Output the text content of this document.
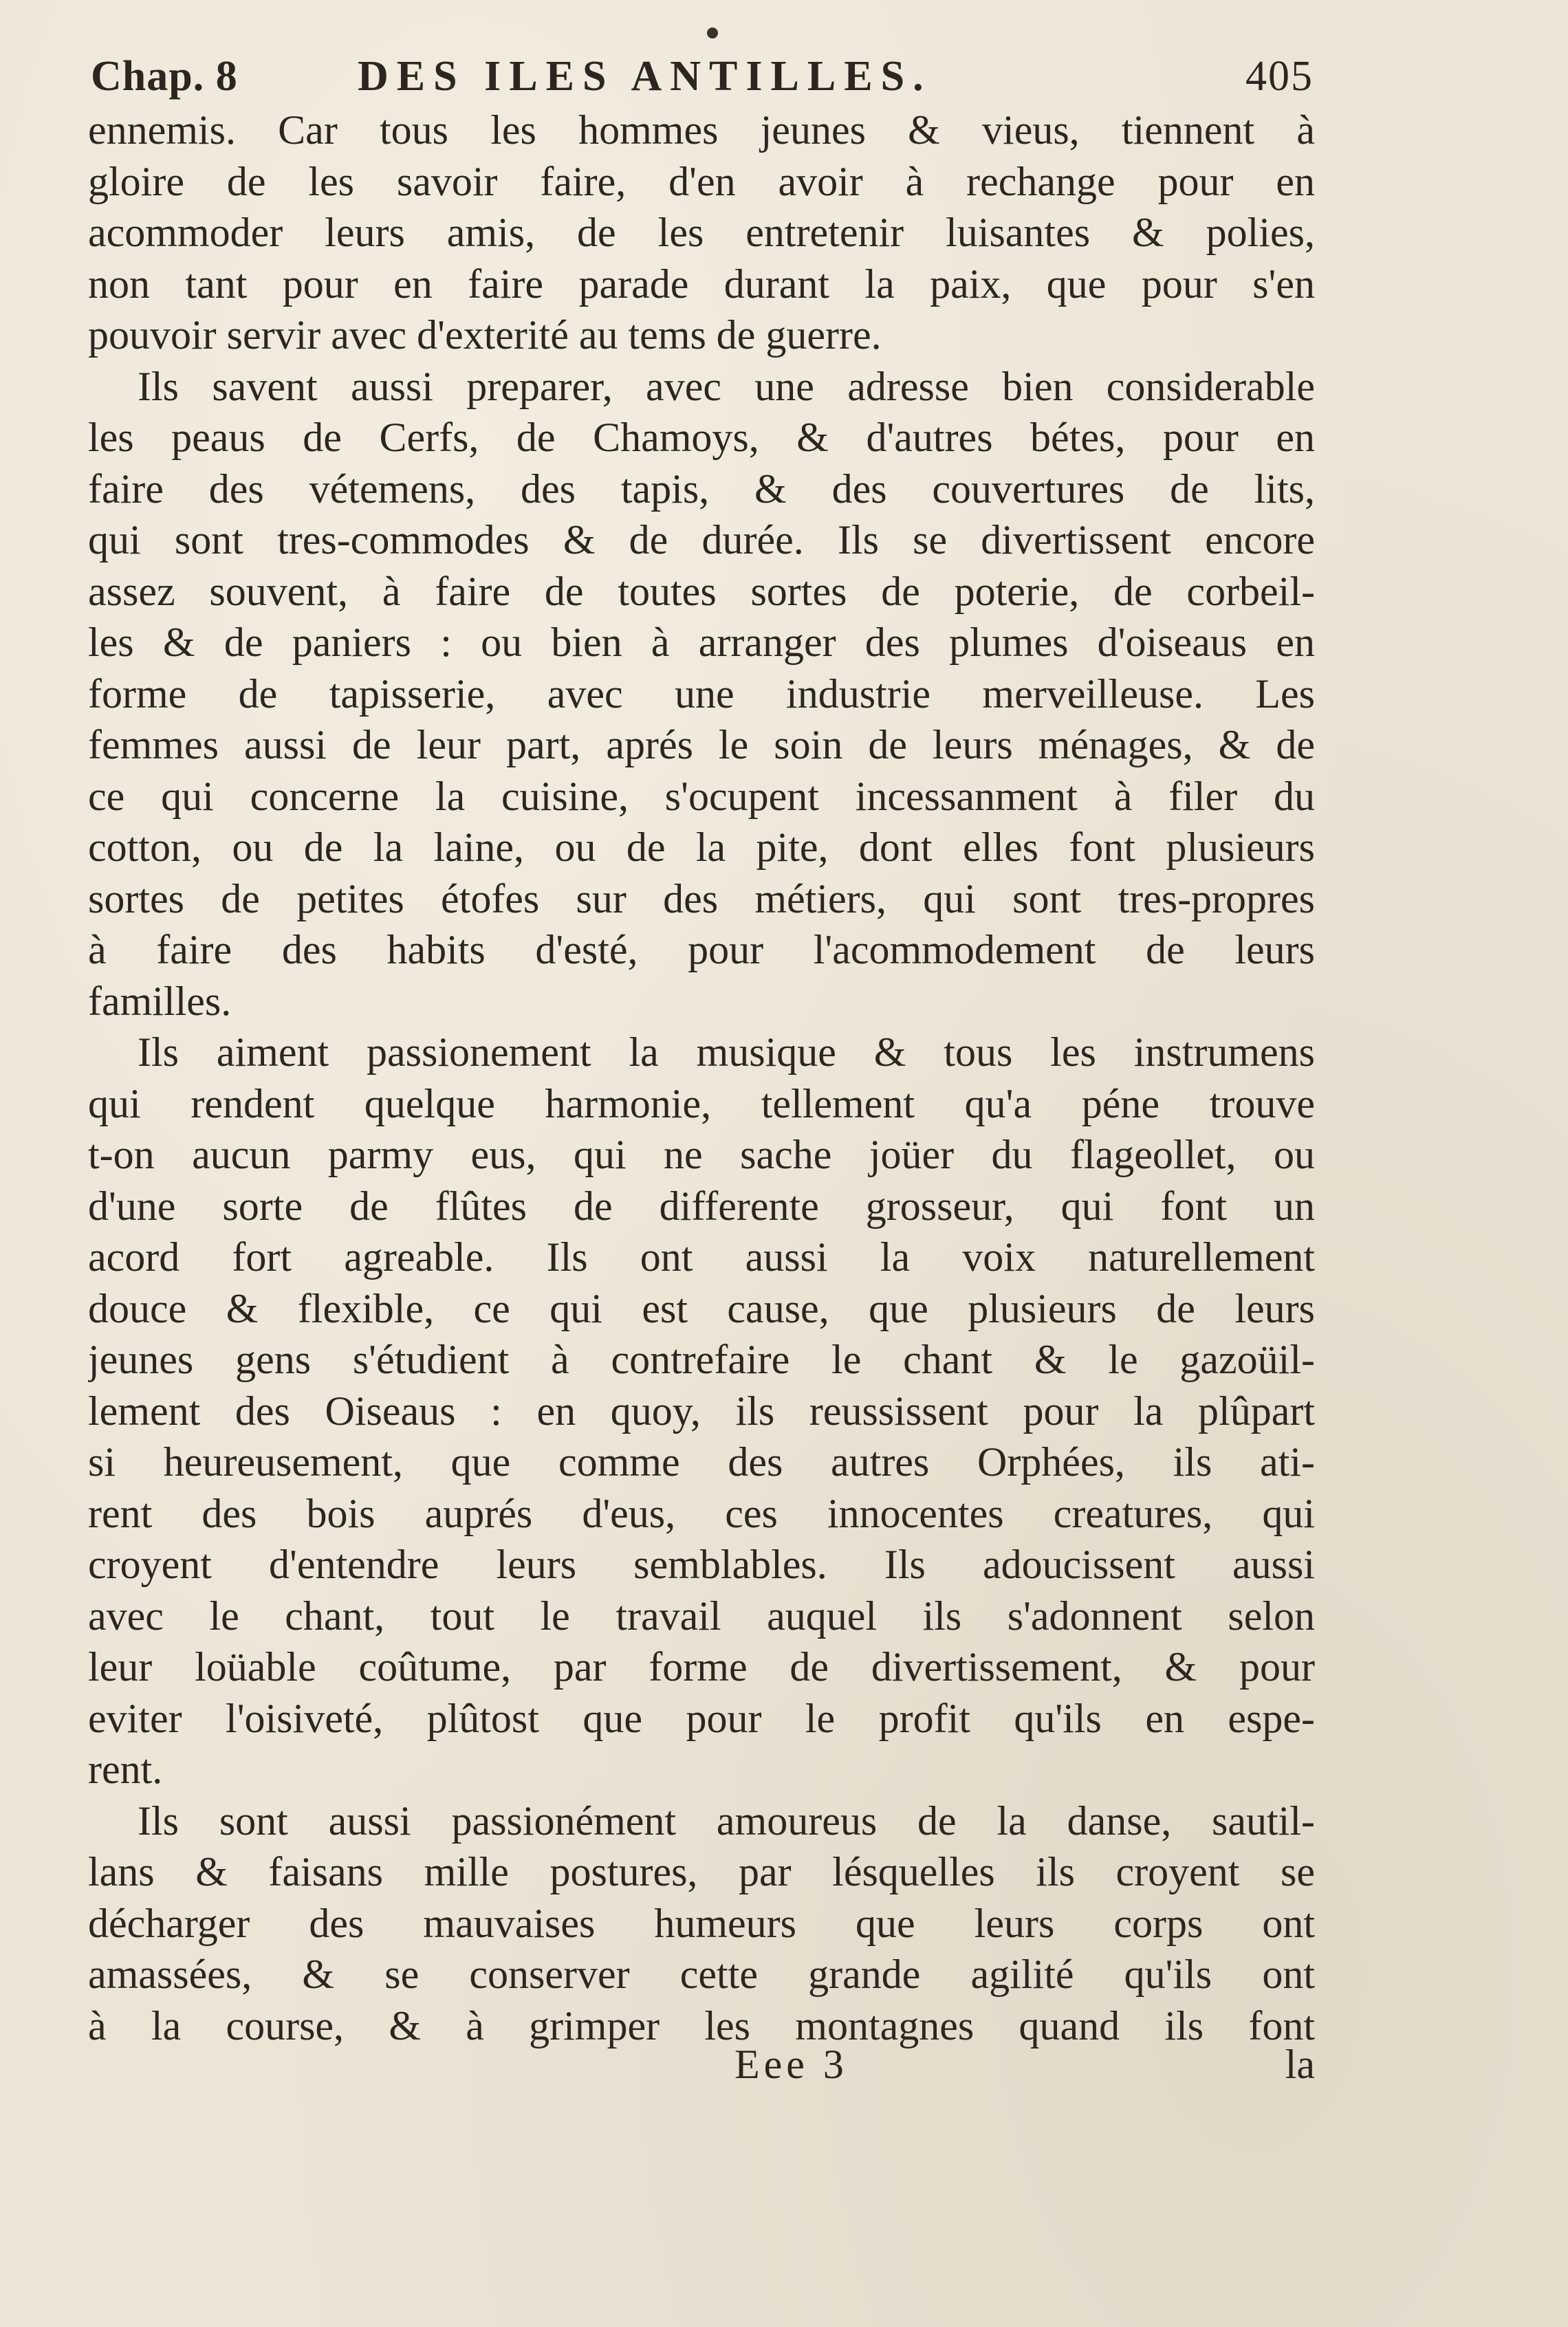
Chap. 8	DES ILES ANTILLES.	405
ennemis. Car tous les hommes jeunes & vieus, tiennent à
gloire de les savoir faire, d'en avoir à rechange pour en
acommoder leurs amis, de les entretenir luisantes & polies,
non tant pour en faire parade durant la paix, que pour s'en
pouvoir servir avec d'exterité au tems de guerre.
Ils savent aussi preparer, avec une adresse bien considerable
les peaus de Cerfs, de Chamoys, & d'autres bétes, pour en
faire des vétemens, des tapis, & des couvertures de lits,
qui sont tres-commodes & de durée. Ils se divertissent encore
assez souvent, à faire de toutes sortes de poterie, de corbeil-
les & de paniers : ou bien à arranger des plumes d'oiseaus en
forme de tapisserie, avec une industrie merveilleuse. Les
femmes aussi de leur part, aprés le soin de leurs ménages, & de
ce qui concerne la cuisine, s'ocupent incessanment à filer du
cotton, ou de la laine, ou de la pite, dont elles font plusieurs
sortes de petites étofes sur des métiers, qui sont tres-propres
à faire des habits d'esté, pour l'acommodement de leurs
familles.
Ils aiment passionement la musique & tous les instrumens
qui rendent quelque harmonie, tellement qu'a péne trouve
t-on aucun parmy eus, qui ne sache joüer du flageollet, ou
d'une sorte de flûtes de differente grosseur, qui font un
acord fort agreable. Ils ont aussi la voix naturellement
douce & flexible, ce qui est cause, que plusieurs de leurs
jeunes gens s'étudient à contrefaire le chant & le gazoüil-
lement des Oiseaus : en quoy, ils reussissent pour la plûpart
si heureusement, que comme des autres Orphées, ils ati-
rent des bois auprés d'eus, ces innocentes creatures, qui
croyent d'entendre leurs semblables. Ils adoucissent aussi
avec le chant, tout le travail auquel ils s'adonnent selon
leur loüable coûtume, par forme de divertissement, & pour
eviter l'oisiveté, plûtost que pour le profit qu'ils en espe-
rent.
Ils sont aussi passionément amoureus de la danse, sautil-
lans & faisans mille postures, par lésquelles ils croyent se
décharger des mauvaises humeurs que leurs corps ont
amassées, & se conserver cette grande agilité qu'ils ont
à la course, & à grimper les montagnes quand ils font
Eee 3	la
